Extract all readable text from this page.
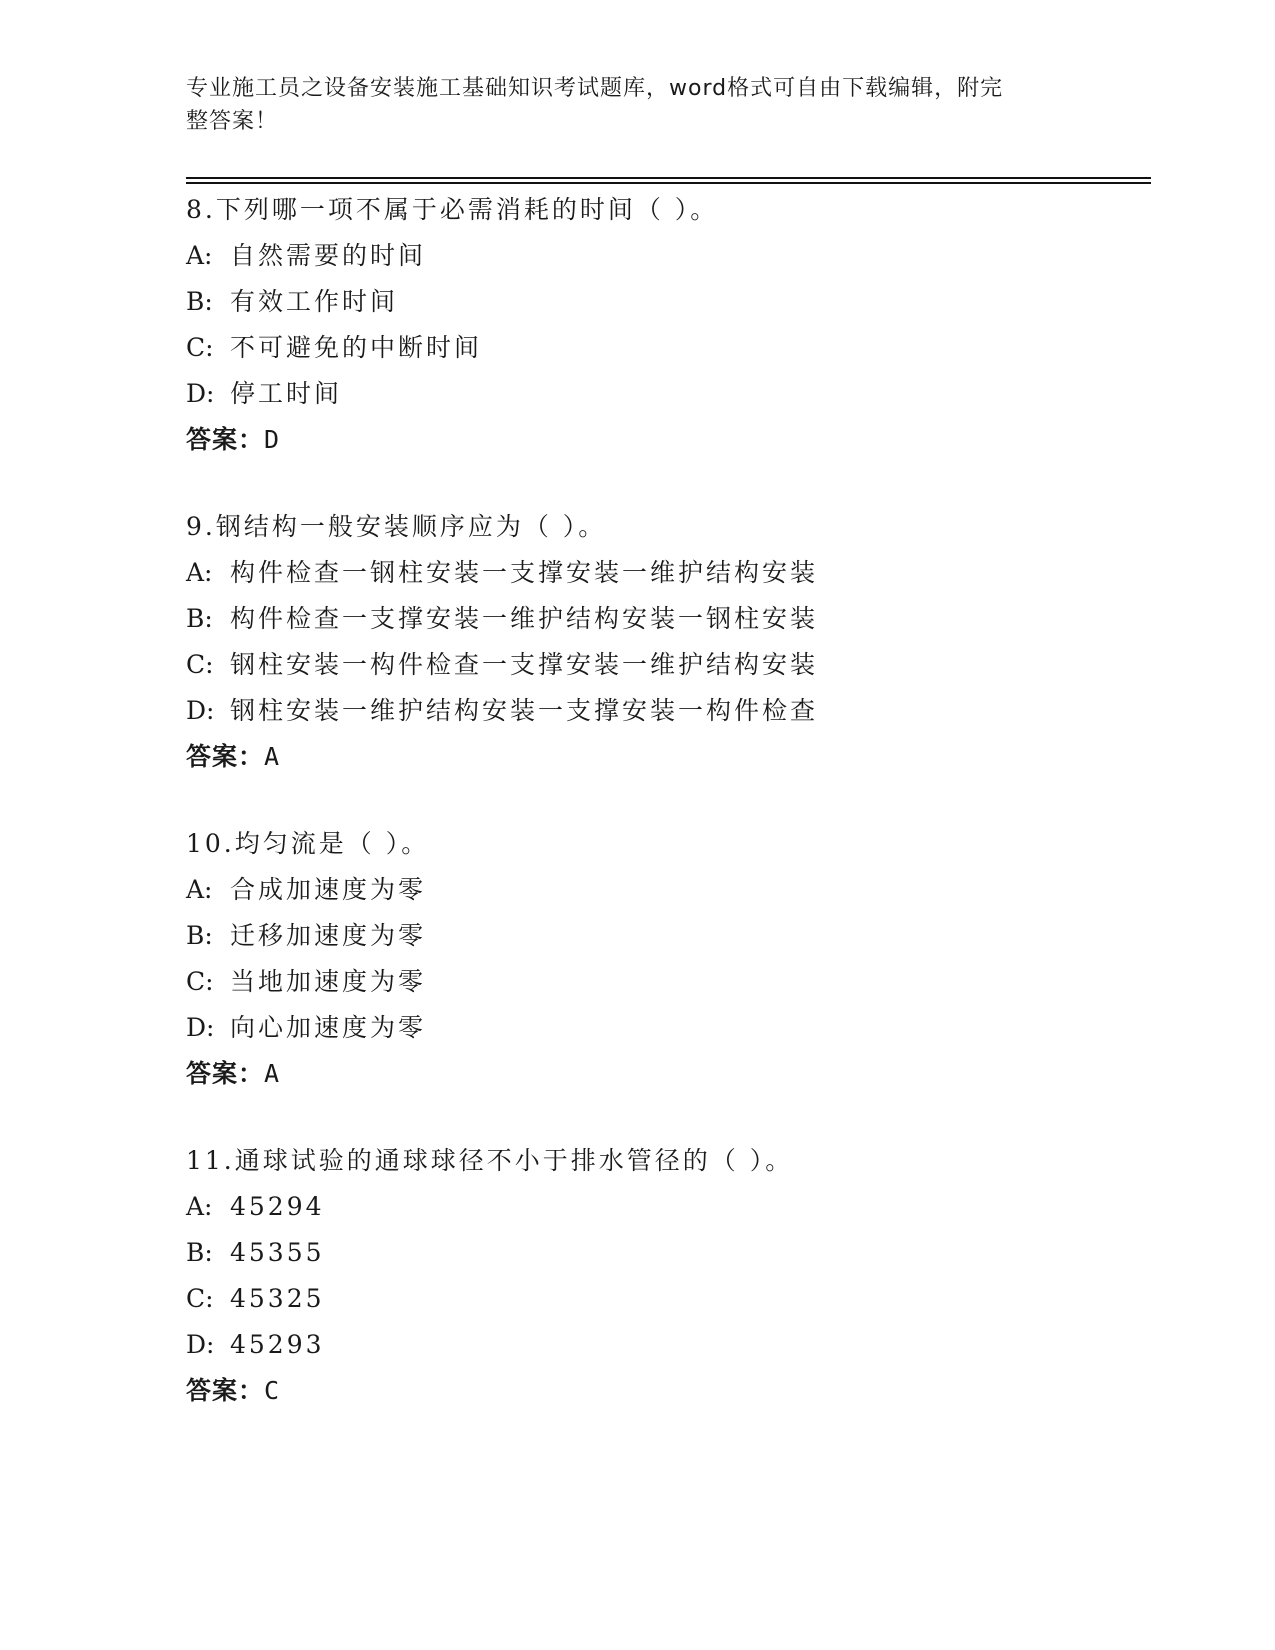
专业施工员之设备安装施工基础知识考试题库，word格式可自由下载编辑，附完
整答案！
8.下列哪一项不属于必需消耗的时间（ ）。
A: 自然需要的时间
B: 有效工作时间
C: 不可避免的中断时间
D: 停工时间
答案：D
9.钢结构一般安装顺序应为（ ）。
A: 构件检查一钢柱安装一支撑安装一维护结构安装
B: 构件检查一支撑安装一维护结构安装一钢柱安装
C: 钢柱安装一构件检查一支撑安装一维护结构安装
D: 钢柱安装一维护结构安装一支撑安装一构件检查
答案：A
10.均匀流是（ ）。
A: 合成加速度为零
B: 迁移加速度为零
C: 当地加速度为零
D: 向心加速度为零
答案：A
11.通球试验的通球球径不小于排水管径的（ ）。
A: 45294
B: 45355
C: 45325
D: 45293
答案：C
